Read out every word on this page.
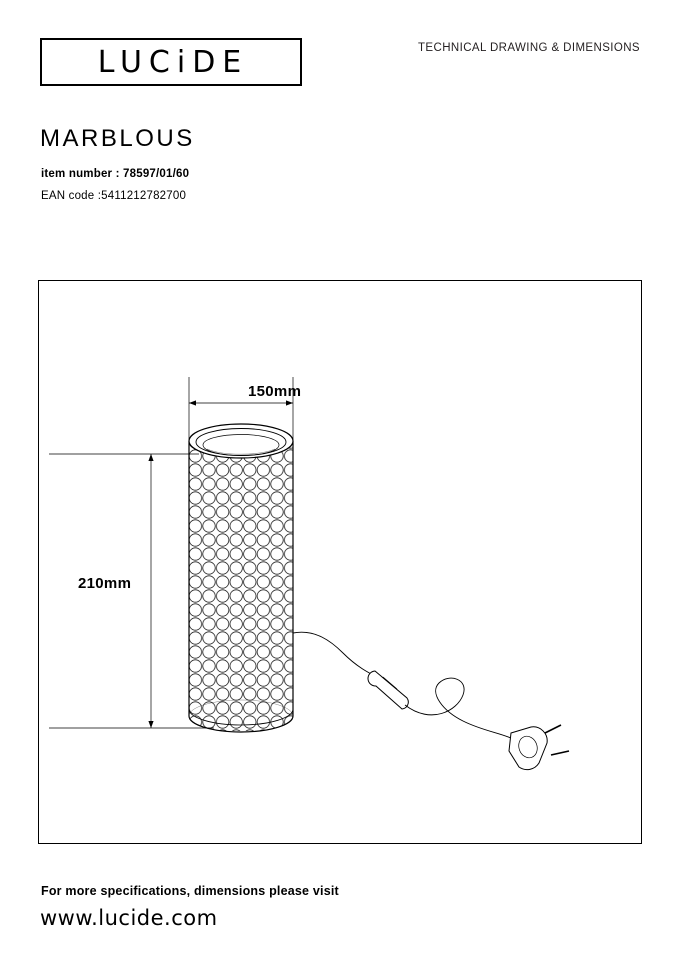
LUCiDE	TECHNICAL DRAWING & DIMENSIONS
MARBLOUS
item number : 78597/01/60
EAN code :5411212782700
150mm
210mm
For more specifications, dimensions please visit
www.lucide.com
